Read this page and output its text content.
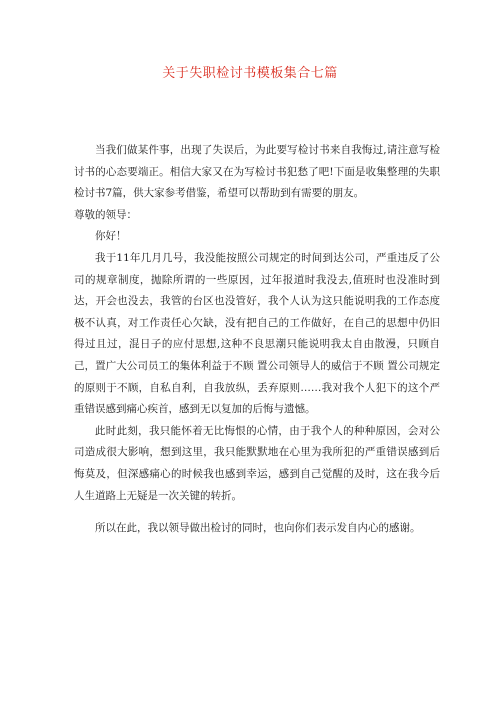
关于失职检讨书模板集合七篇

当我们做某件事，出现了失误后，为此要写检讨书来自我悔过,请注意写检讨书的心态要端正。相信大家又在为写检讨书犯愁了吧!下面是收集整理的失职检讨书7篇，供大家参考借鉴，希望可以帮助到有需要的朋友。

尊敬的领导：

你好！

我于11年几月几号，我没能按照公司规定的时间到达公司，严重违反了公司的规章制度，抛除所谓的一些原因，过年报道时我没去,值班时也没准时到达，开会也没去，我管的台区也没管好，我个人认为这只能说明我的工作态度极不认真，对工作责任心欠缺，没有把自己的工作做好，在自己的思想中仍旧得过且过，混日子的应付思想,这种不良思潮只能说明我太自由散漫，只顾自己，置广大公司员工的集体利益于不顾 置公司领导人的威信于不顾 置公司规定的原则于不顾，自私自利，自我放纵，丢弃原则……我对我个人犯下的这个严重错误感到痛心疾首，感到无以复加的后悔与遗憾。

此时此刻，我只能怀着无比悔恨的心情，由于我个人的种种原因，会对公司造成很大影响，想到这里，我只能默默地在心里为我所犯的严重错误感到后悔莫及，但深感痛心的时候我也感到幸运，感到自己觉醒的及时，这在我今后人生道路上无疑是一次关键的转折。

所以在此，我以领导做出检讨的同时，也向你们表示发自内心的感谢。
